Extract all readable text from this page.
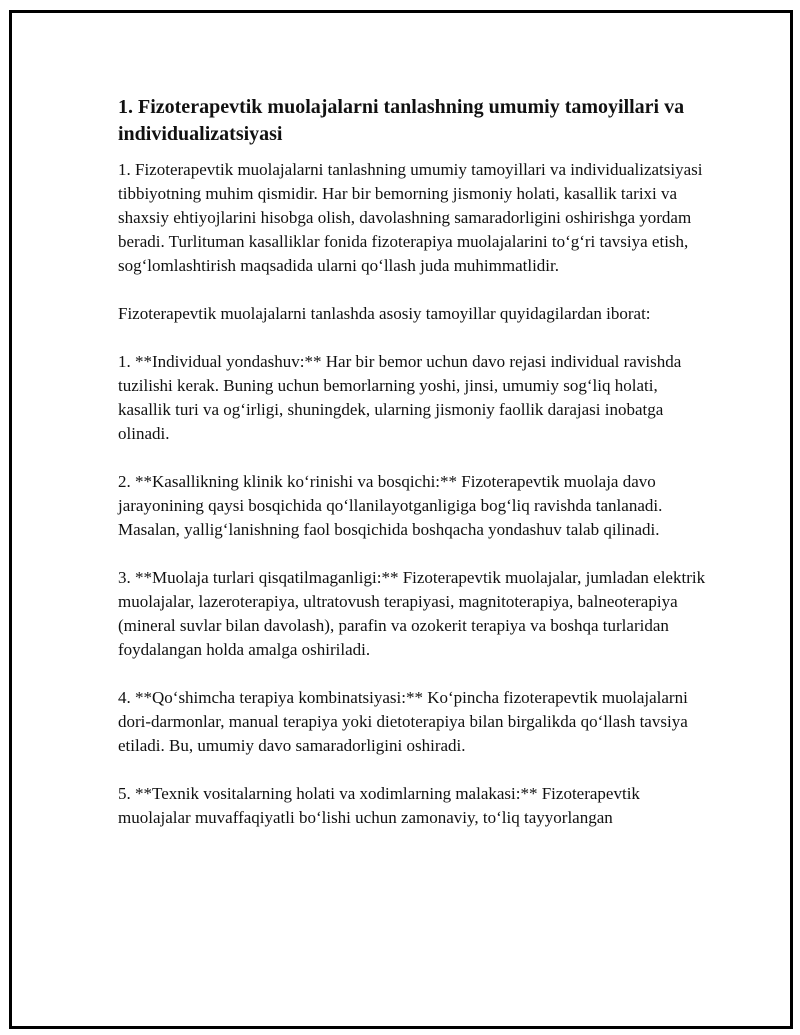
1. Fizoterapevtik muolajalarni tanlashning umumiy tamoyillari va individualizatsiyasi

1. Fizoterapevtik muolajalarni tanlashning umumiy tamoyillari va individualizatsiyasi tibbiyotning muhim qismidir. Har bir bemorning jismoniy holati, kasallik tarixi va shaxsiy ehtiyojlarini hisobga olish, davolashning samaradorligini oshirishga yordam beradi. Turlituman kasalliklar fonida fizoterapiya muolajalarini to‘g‘ri tavsiya etish, sog‘lomlashtirish maqsadida ularni qo‘llash juda muhimmatlidir.

Fizoterapevtik muolajalarni tanlashda asosiy tamoyillar quyidagilardan iborat:

1. **Individual yondashuv:** Har bir bemor uchun davo rejasi individual ravishda tuzilishi kerak. Buning uchun bemorlarning yoshi, jinsi, umumiy sog‘liq holati, kasallik turi va og‘irligi, shuningdek, ularning jismoniy faollik darajasi inobatga olinadi.

2. **Kasallikning klinik ko‘rinishi va bosqichi:** Fizoterapevtik muolaja davo jarayonining qaysi bosqichida qo‘llanilayotganligiga bog‘liq ravishda tanlanadi. Masalan, yallig‘lanishning faol bosqichida boshqacha yondashuv talab qilinadi.

3. **Muolaja turlari qisqatilmaganligi:** Fizoterapevtik muolajalar, jumladan elektrik muolajalar, lazeroterapiya, ultratovush terapiyasi, magnitoterapiya, balneoterapiya (mineral suvlar bilan davolash), parafin va ozokerit terapiya va boshqa turlaridan foydalangan holda amalga oshiriladi.

4. **Qo‘shimcha terapiya kombinatsiyasi:** Ko‘pincha fizoterapevtik muolajalarni dori-darmonlar, manual terapiya yoki dietoterapiya bilan birgalikda qo‘llash tavsiya etiladi. Bu, umumiy davo samaradorligini oshiradi.

5. **Texnik vositalarning holati va xodimlarning malakasi:** Fizoterapevtik muolajalar muvaffaqiyatli bo‘lishi uchun zamonaviy, to‘liq tayyorlangan
